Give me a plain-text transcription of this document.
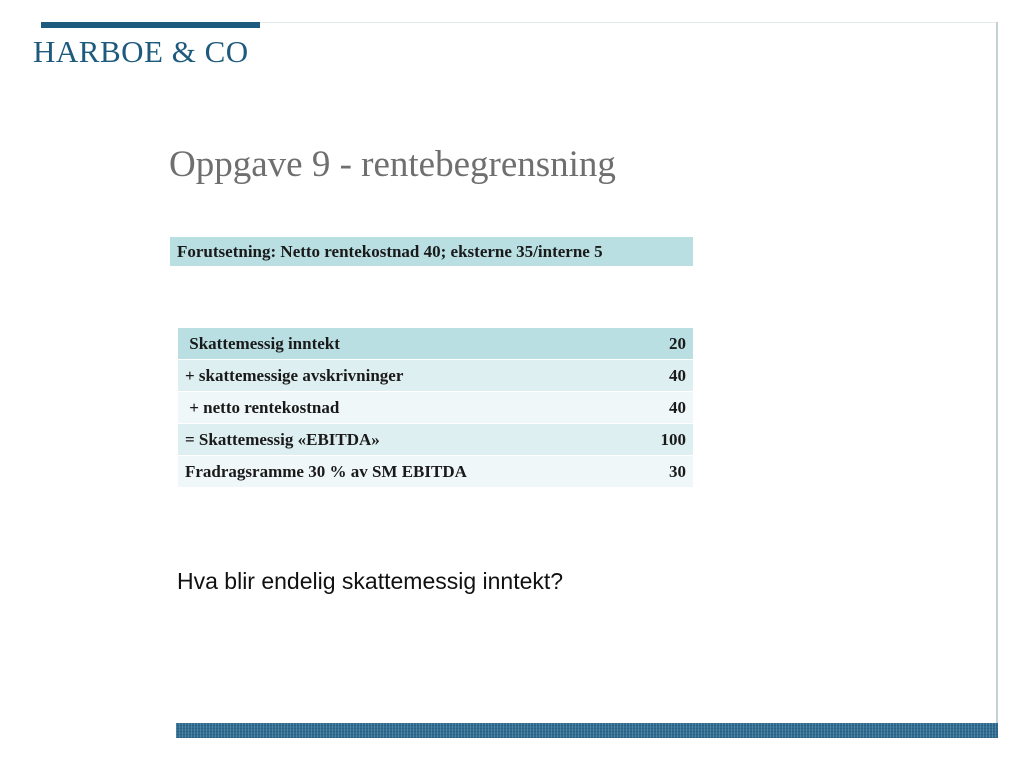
HARBOE & CO
Oppgave 9 - rentebegrensning
Forutsetning: Netto rentekostnad 40; eksterne 35/interne 5
Skattemessig inntekt	20
+ skattemessige avskrivninger	40
+ netto rentekostnad	40
= Skattemessig «EBITDA»	100
Fradragsramme 30 % av SM EBITDA	30
Hva blir endelig skattemessig inntekt?
